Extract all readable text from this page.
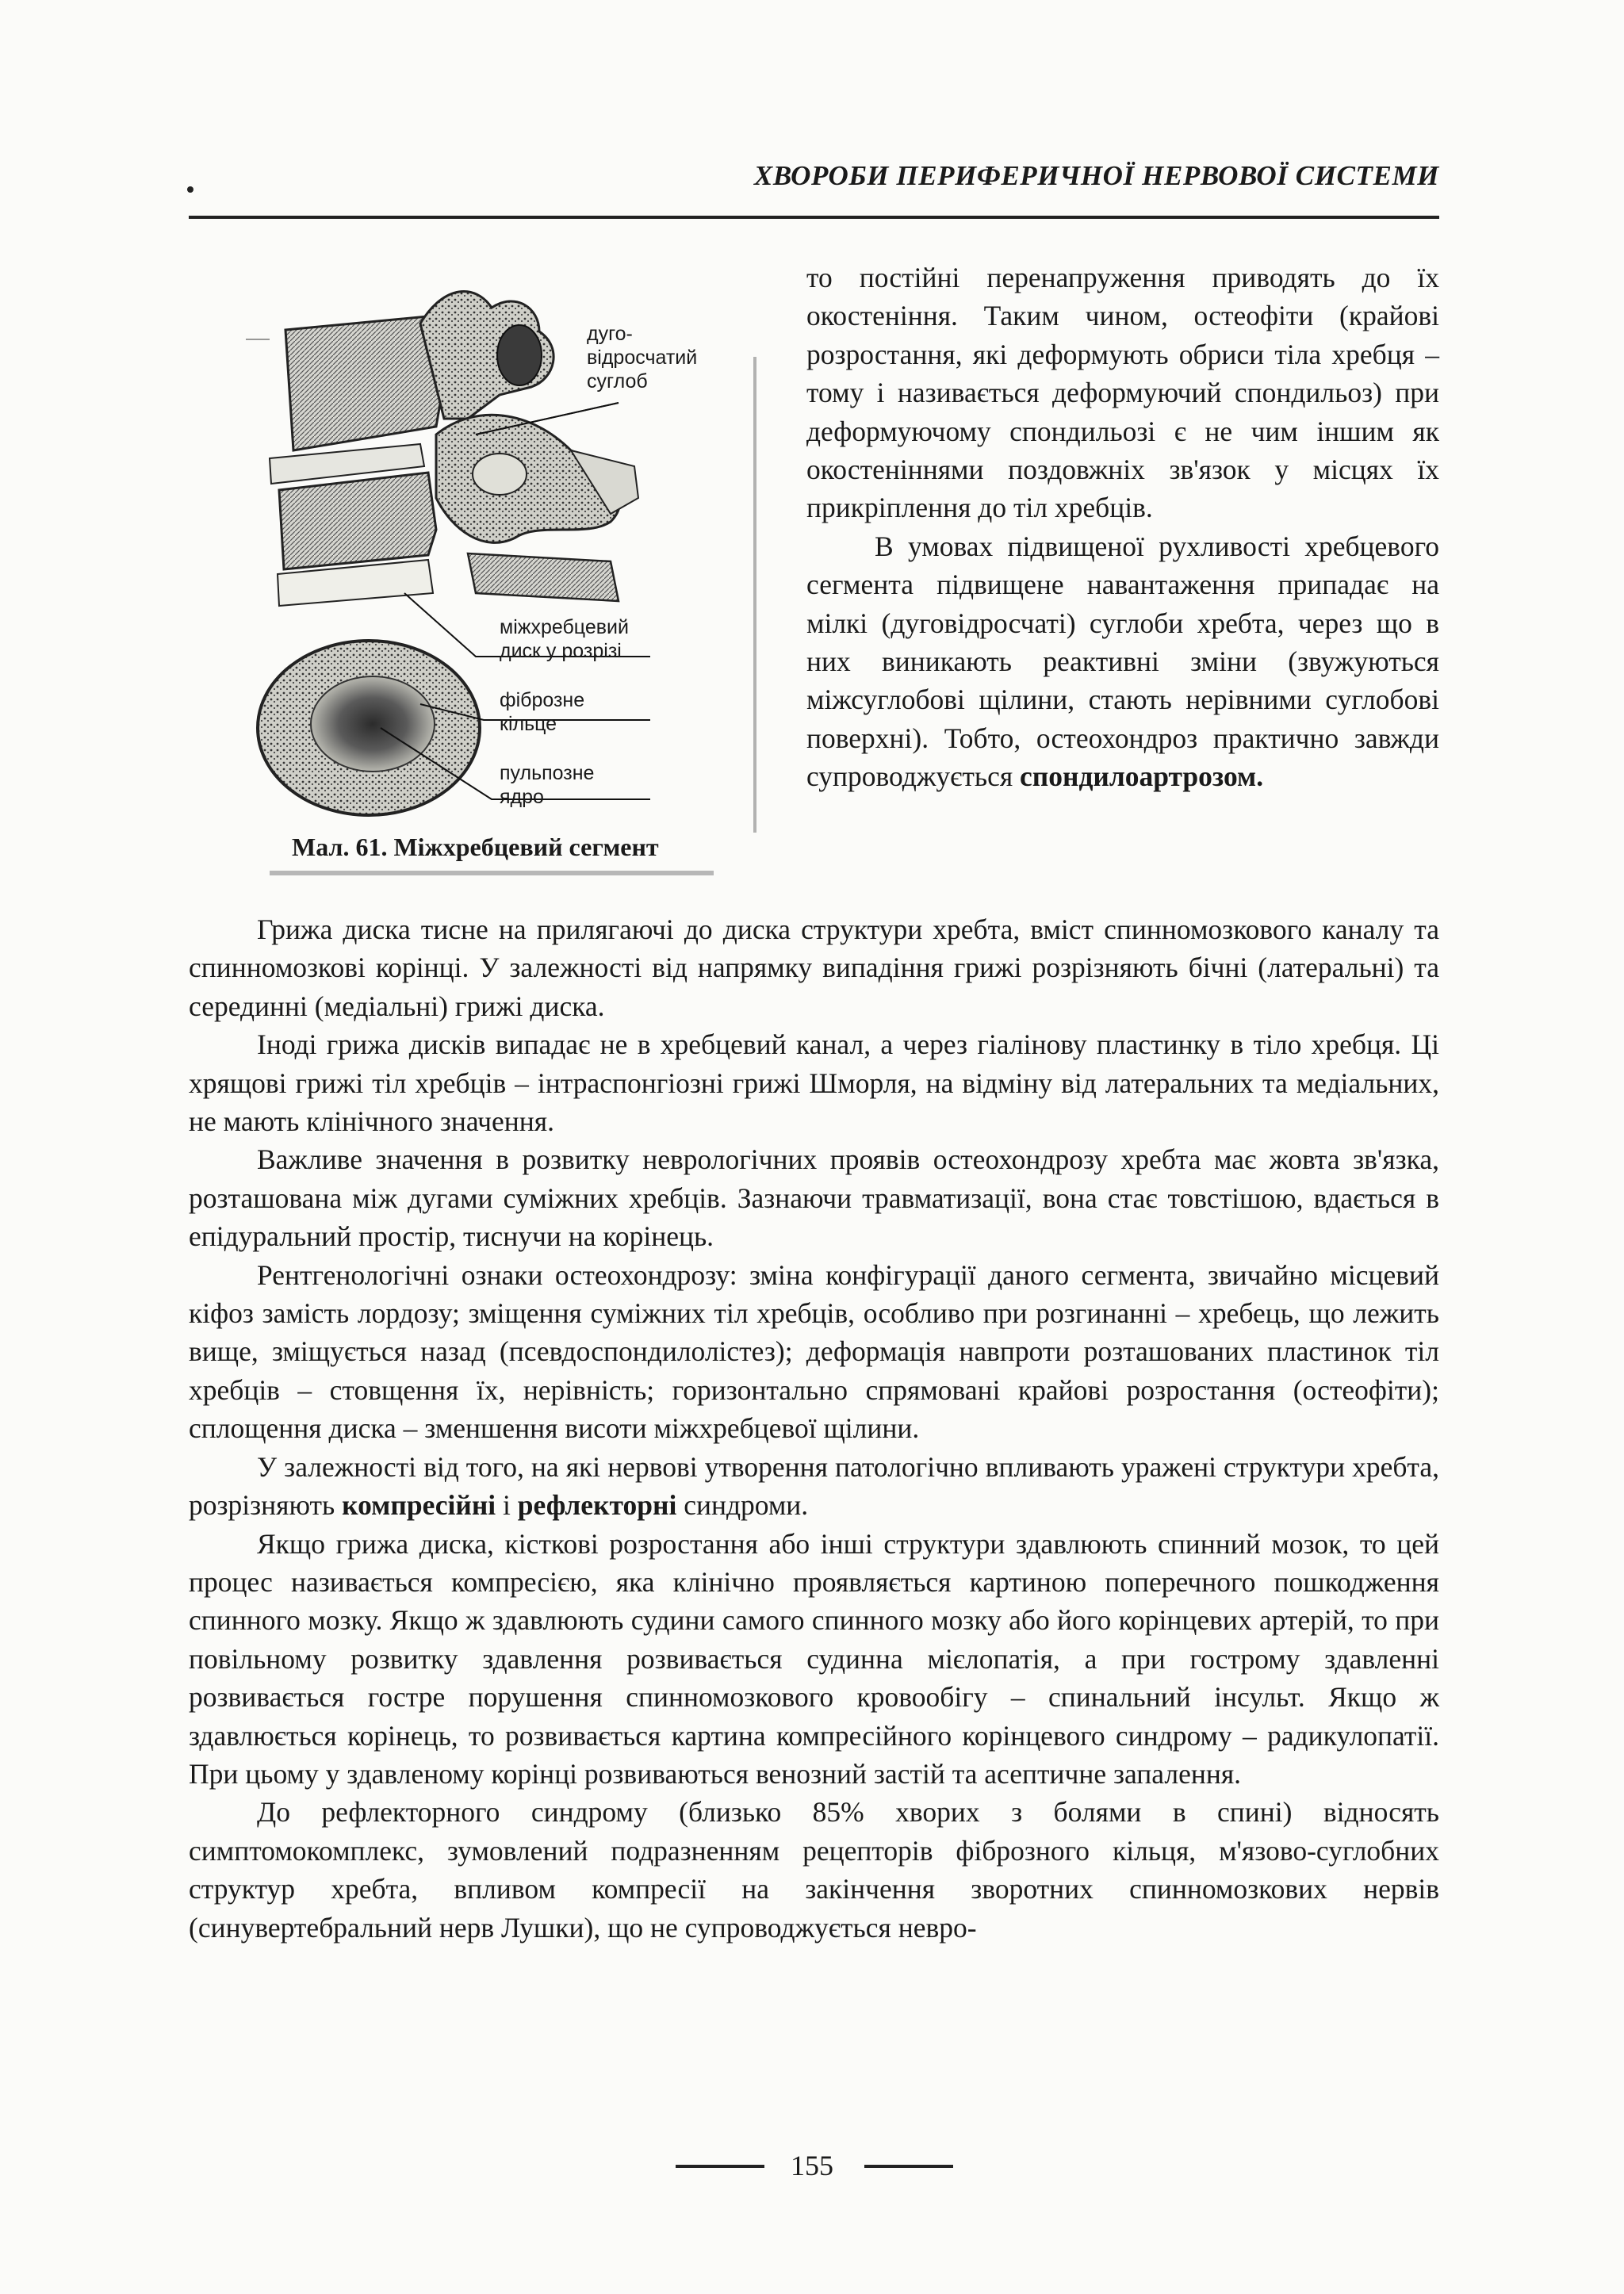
ХВОРОБИ ПЕРИФЕРИЧНОЇ НЕРВОВОЇ СИСТЕМИ
дуго-
відросчатий
суглоб
міжхребцевий
диск у розрізі
фіброзне
кільце
пульпозне
ядро
Мал. 61. Міжхребцевий сегмент

то постійні перенапруження приводять до їх окостеніння. Таким чином, остеофіти (крайові розростання, які деформують обриси тіла хребця – тому і називається деформуючий спондильоз) при деформуючому спондильозі є не чим іншим як окостеніннями поздовжніх зв'язок у місцях їх прикріплення до тіл хребців.

В умовах підвищеної рухливості хребцевого сегмента підвищене навантаження припадає на мілкі (дуговідросчаті) суглоби хребта, через що в них виникають реактивні зміни (звужуються міжсуглобові щілини, стають нерівними суглобові поверхні). Тобто, остеохондроз практично завжди супроводжується спондилоартрозом.

Грижа диска тисне на прилягаючі до диска структури хребта, вміст спинномозкового каналу та спинномозкові корінці. У залежності від напрямку випадіння грижі розрізняють бічні (латеральні) та серединні (медіальні) грижі диска.

Іноді грижа дисків випадає не в хребцевий канал, а через гіалінову пластинку в тіло хребця. Ці хрящові грижі тіл хребців – інтраспонгіозні грижі Шморля, на відміну від латеральних та медіальних, не мають клінічного значення.

Важливе значення в розвитку неврологічних проявів остеохондрозу хребта має жовта зв'язка, розташована між дугами суміжних хребців. Зазнаючи травматизації, вона стає товстішою, вдається в епідуральний простір, тиснучи на корінець.

Рентгенологічні ознаки остеохондрозу: зміна конфігурації даного сегмента, звичайно місцевий кіфоз замість лордозу; зміщення суміжних тіл хребців, особливо при розгинанні – хребець, що лежить вище, зміщується назад (псевдоспондилолістез); деформація навпроти розташованих пластинок тіл хребців – стовщення їх, нерівність; горизонтально спрямовані крайові розростання (остеофіти); сплощення диска – зменшення висоти міжхребцевої щілини.

У залежності від того, на які нервові утворення патологічно впливають уражені структури хребта, розрізняють компресійні і рефлекторні синдроми.

Якщо грижа диска, кісткові розростання або інші структури здавлюють спинний мозок, то цей процес називається компресією, яка клінічно проявляється картиною поперечного пошкодження спинного мозку. Якщо ж здавлюють судини самого спинного мозку або його корінцевих артерій, то при повільному розвитку здавлення розвивається судинна мієлопатія, а при гострому здавленні розвивається гостре порушення спинномозкового кровообігу – спинальний інсульт. Якщо ж здавлюється корінець, то розвивається картина компресійного корінцевого синдрому – радикулопатії. При цьому у здавленому корінці розвиваються венозний застій та асептичне запалення.

До рефлекторного синдрому (близько 85% хворих з болями в спині) відносять симптомокомплекс, зумовлений подразненням рецепторів фіброзного кільця, м'язово-суглобних структур хребта, впливом компресії на закінчення зворотних спинномозкових нервів (синувертебральний нерв Лушки), що не супроводжується невро-

155
